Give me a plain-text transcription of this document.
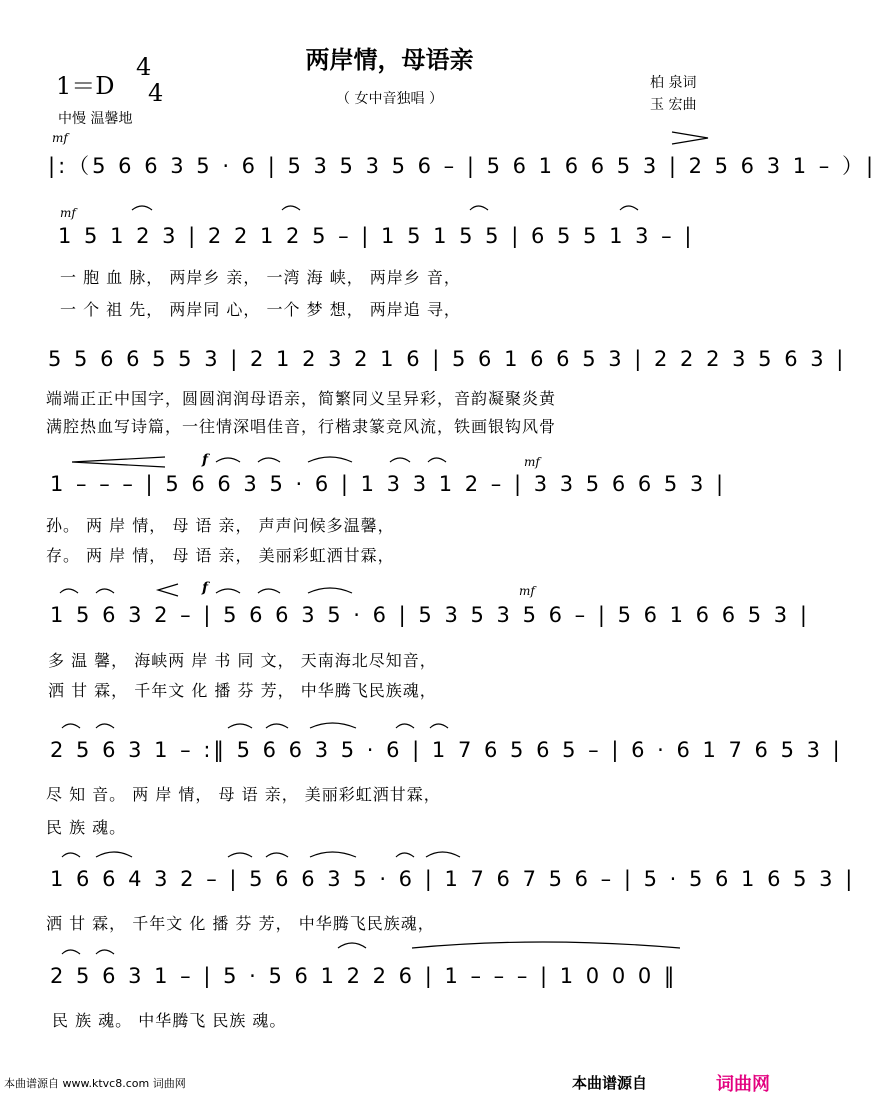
两岸情，母语亲
（ 女中音独唱 ）
1＝D
4
4
中慢 温馨地
柏 泉词
玉 宏曲
mf
mf
f	mf
f	mf
|:（5 6 6 3 5 · 6 | 5 3 5 3 5 6 – | 5 6 1 6 6 5 3 | 2 5 6 3 1 – ）|
1 5 1 2 3 | 2 2 1 2 5 – | 1 5 1 5 5 | 6 5 5 1 3 – |
一 胞 血 脉， 两岸乡 亲， 一湾 海 峡， 两岸乡 音，
一 个 祖 先， 两岸同 心， 一个 梦 想， 两岸追 寻，
5 5 6 6 5 5 3 | 2 1 2 3 2 1 6 | 5 6 1 6 6 5 3 | 2 2 2 3 5 6 3 |
端端正正中国字，圆圆润润母语亲，简繁同义呈异彩，音韵凝聚炎黄
满腔热血写诗篇，一往情深唱佳音，行楷隶篆竞风流，铁画银钩风骨
1 – – – | 5 6 6 3 5 · 6 | 1 3 3 1 2 – | 3 3 5 6 6 5 3 |
孙。 两 岸 情， 母 语 亲， 声声问候多温馨，
存。 两 岸 情， 母 语 亲， 美丽彩虹洒甘霖，
1 5 6 3 2 – | 5 6 6 3 5 · 6 | 5 3 5 3 5 6 – | 5 6 1 6 6 5 3 |
多 温 馨， 海峡两 岸 书 同 文， 天南海北尽知音，
洒 甘 霖， 千年文 化 播 芬 芳， 中华腾飞民族魂，
2 5 6 3 1 – :‖ 5 6 6 3 5 · 6 | 1 7 6 5 6 5 – | 6 · 6 1 7 6 5 3 |
尽 知 音。 两 岸 情， 母 语 亲， 美丽彩虹洒甘霖，
民 族 魂。
1 6 6 4 3 2 – | 5 6 6 3 5 · 6 | 1 7 6 7 5 6 – | 5 · 5 6 1 6 5 3 |
洒 甘 霖， 千年文 化 播 芬 芳， 中华腾飞民族魂，
2 5 6 3 1 – | 5 · 5 6 1 2 2 6 | 1 – – – | 1 0 0 0 ‖
民 族 魂。 中华腾飞 民族 魂。
本曲谱源自 www.ktvc8.com 词曲网	本曲谱源自	词曲网
